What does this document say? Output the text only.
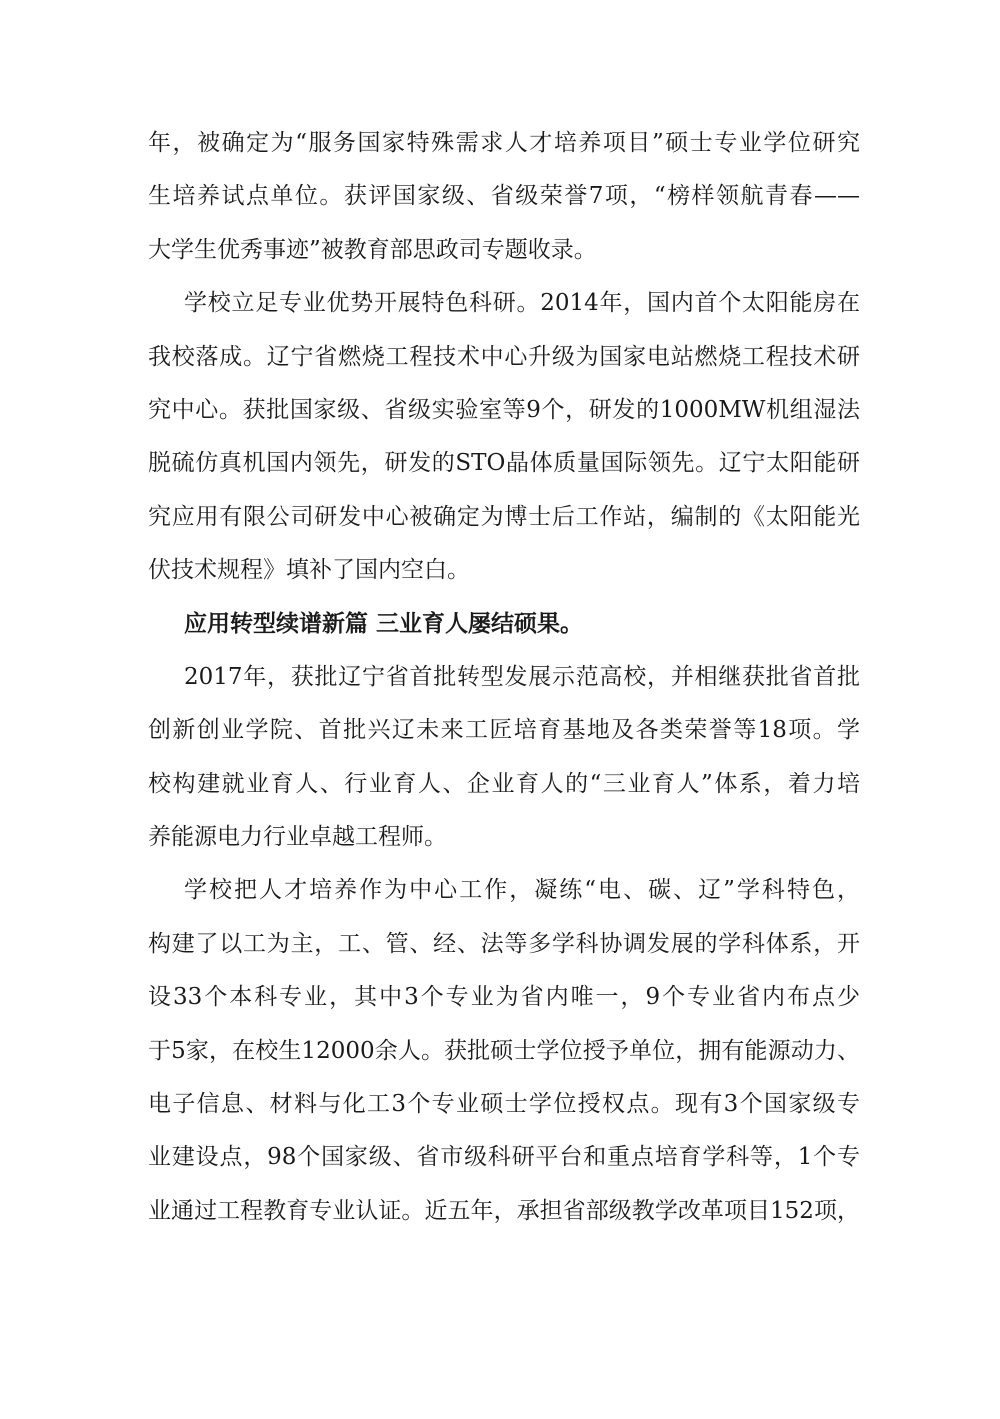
年，被确定为“服务国家特殊需求人才培养项目”硕士专业学位研究
生培养试点单位。获评国家级、省级荣誉7项，“榜样领航青春——
大学生优秀事迹”被教育部思政司专题收录。
学校立足专业优势开展特色科研。2014年，国内首个太阳能房在
我校落成。辽宁省燃烧工程技术中心升级为国家电站燃烧工程技术研
究中心。获批国家级、省级实验室等9个，研发的1000MW机组湿法
脱硫仿真机国内领先，研发的STO晶体质量国际领先。辽宁太阳能研
究应用有限公司研发中心被确定为博士后工作站，编制的《太阳能光
伏技术规程》填补了国内空白。
应用转型续谱新篇 三业育人屡结硕果。
2017年，获批辽宁省首批转型发展示范高校，并相继获批省首批
创新创业学院、首批兴辽未来工匠培育基地及各类荣誉等18项。学
校构建就业育人、行业育人、企业育人的“三业育人”体系，着力培
养能源电力行业卓越工程师。
学校把人才培养作为中心工作，凝练“电、碳、辽”学科特色，
构建了以工为主，工、管、经、法等多学科协调发展的学科体系，开
设33个本科专业，其中3个专业为省内唯一，9个专业省内布点少
于5家，在校生12000余人。获批硕士学位授予单位，拥有能源动力、
电子信息、材料与化工3个专业硕士学位授权点。现有3个国家级专
业建设点，98个国家级、省市级科研平台和重点培育学科等，1个专
业通过工程教育专业认证。近五年，承担省部级教学改革项目152项，
